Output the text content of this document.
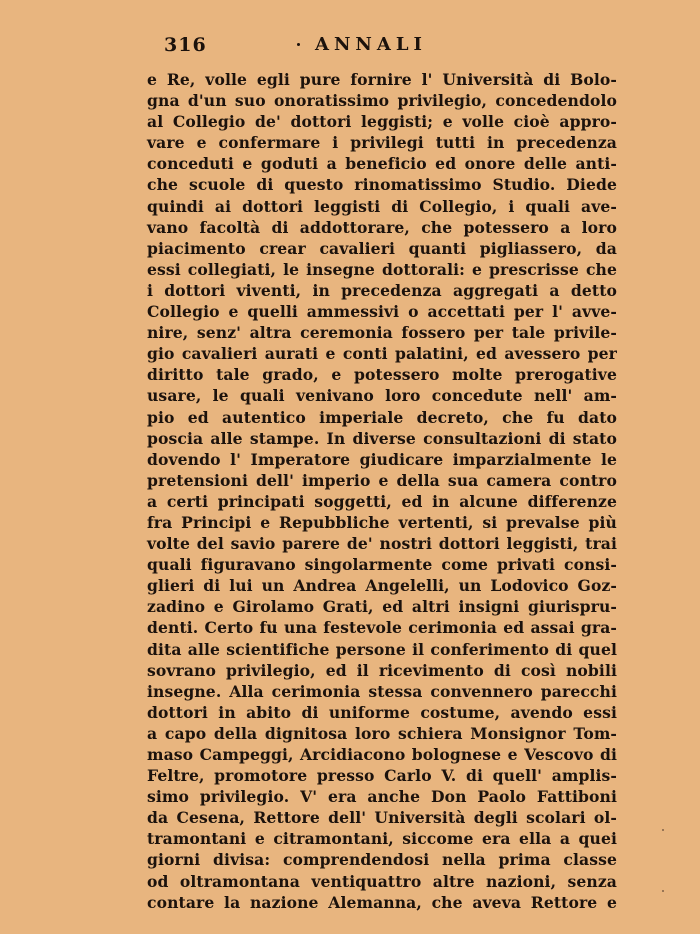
316	ANNALI
e Re, volle egli pure fornire l' Università di Bolo-
gna d'un suo onoratissimo privilegio, concedendolo
al Collegio de' dottori leggisti; e volle cioè appro-
vare e confermare i privilegi tutti in precedenza
conceduti e goduti a beneficio ed onore delle anti-
che scuole di questo rinomatissimo Studio. Diede
quindi ai dottori leggisti di Collegio, i quali ave-
vano facoltà di addottorare, che potessero a loro
piacimento crear cavalieri quanti pigliassero, da
essi collegiati, le insegne dottorali: e prescrisse che
i dottori viventi, in precedenza aggregati a detto
Collegio e quelli ammessivi o accettati per l' avve-
nire, senz' altra ceremonia fossero per tale privile-
gio cavalieri aurati e conti palatini, ed avessero per
diritto tale grado, e potessero molte prerogative
usare, le quali venivano loro concedute nell' am-
pio ed autentico imperiale decreto, che fu dato
poscia alle stampe. In diverse consultazioni di stato
dovendo l' Imperatore giudicare imparzialmente le
pretensioni dell' imperio e della sua camera contro
a certi principati soggetti, ed in alcune differenze
fra Principi e Repubbliche vertenti, si prevalse più
volte del savio parere de' nostri dottori leggisti, trai
quali figuravano singolarmente come privati consi-
glieri di lui un Andrea Angelelli, un Lodovico Goz-
zadino e Girolamo Grati, ed altri insigni giurispru-
denti. Certo fu una festevole cerimonia ed assai gra-
dita alle scientifiche persone il conferimento di quel
sovrano privilegio, ed il ricevimento di così nobili
insegne. Alla cerimonia stessa convennero parecchi
dottori in abito di uniforme costume, avendo essi
a capo della dignitosa loro schiera Monsignor Tom-
maso Campeggi, Arcidiacono bolognese e Vescovo di
Feltre, promotore presso Carlo V. di quell' amplis-
simo privilegio. V' era anche Don Paolo Fattiboni
da Cesena, Rettore dell' Università degli scolari ol-
tramontani e citramontani, siccome era ella a quei
giorni divisa: comprendendosi nella prima classe
od oltramontana ventiquattro altre nazioni, senza
contare la nazione Alemanna, che aveva Rettore e
